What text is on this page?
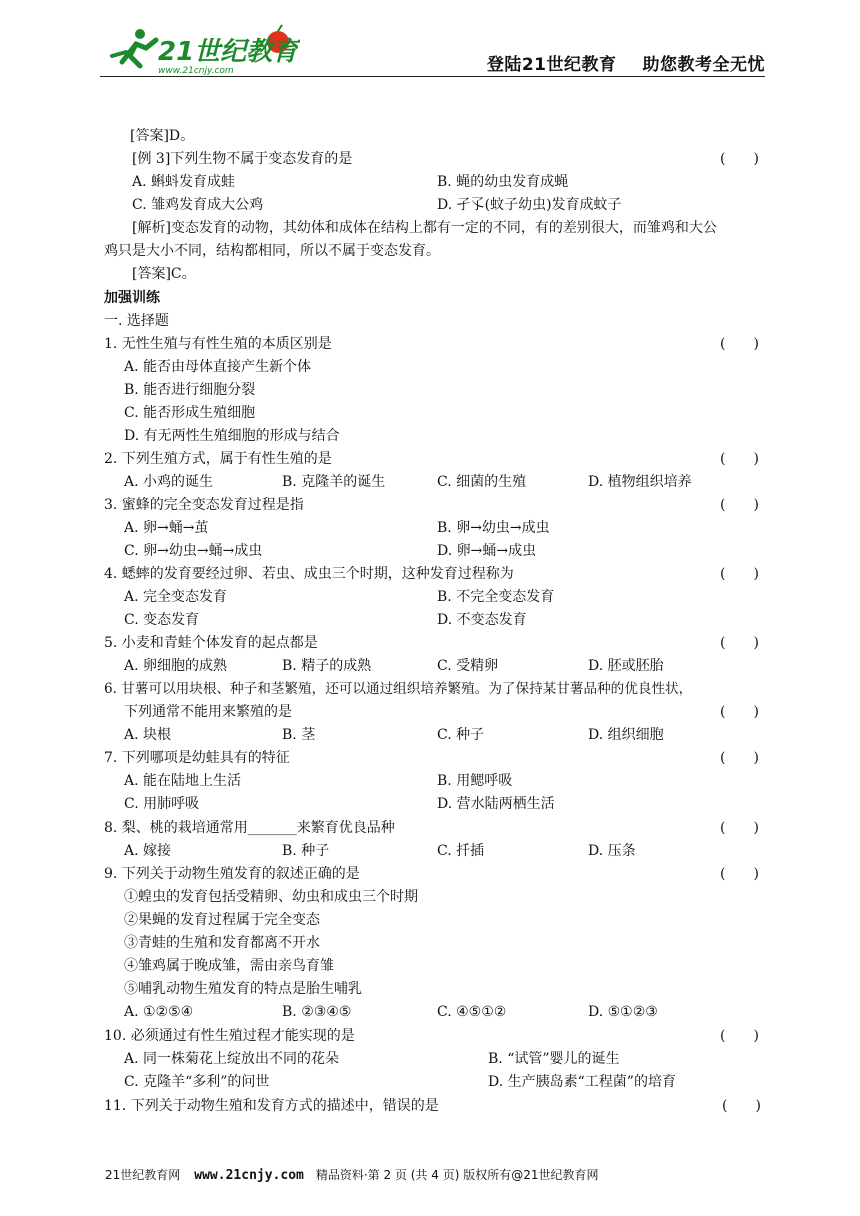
21世纪教育
www.21cnjy.com	登陆21世纪教育 助您教考全无忧
[答案]D。
[例 3]下列生物不属于变态发育的是	(　　)
A. 蝌蚪发育成蛙	B. 蝇的幼虫发育成蝇
C. 雏鸡发育成大公鸡	D. 孑孓(蚊子幼虫)发育成蚊子
[解析]变态发育的动物，其幼体和成体在结构上都有一定的不同，有的差别很大，而雏鸡和大公
鸡只是大小不同，结构都相同，所以不属于变态发育。
[答案]C。
加强训练
一. 选择题
1. 无性生殖与有性生殖的本质区别是	(　　)
A. 能否由母体直接产生新个体
B. 能否进行细胞分裂
C. 能否形成生殖细胞
D. 有无两性生殖细胞的形成与结合
2. 下列生殖方式，属于有性生殖的是	(　　)
A. 小鸡的诞生	B. 克隆羊的诞生	C. 细菌的生殖	D. 植物组织培养
3. 蜜蜂的完全变态发育过程是指	(　　)
A. 卵→蛹→茧	B. 卵→幼虫→成虫
C. 卵→幼虫→蛹→成虫	D. 卵→蛹→成虫
4. 蟋蟀的发育要经过卵、若虫、成虫三个时期，这种发育过程称为	(　　)
A. 完全变态发育	B. 不完全变态发育
C. 变态发育	D. 不变态发育
5. 小麦和青蛙个体发育的起点都是	(　　)
A. 卵细胞的成熟	B. 精子的成熟	C. 受精卵	D. 胚或胚胎
6. 甘薯可以用块根、种子和茎繁殖，还可以通过组织培养繁殖。为了保持某甘薯品种的优良性状，
下列通常不能用来繁殖的是	(　　)
A. 块根	B. 茎	C. 种子	D. 组织细胞
7. 下列哪项是幼蛙具有的特征	(　　)
A. 能在陆地上生活	B. 用鳃呼吸
C. 用肺呼吸	D. 营水陆两栖生活
8. 梨、桃的栽培通常用_______来繁育优良品种	(　　)
A. 嫁接	B. 种子	C. 扦插	D. 压条
9. 下列关于动物生殖发育的叙述正确的是	(　　)
①蝗虫的发育包括受精卵、幼虫和成虫三个时期
②果蝇的发育过程属于完全变态
③青蛙的生殖和发育都离不开水
④雏鸡属于晚成雏，需由亲鸟育雏
⑤哺乳动物生殖发育的特点是胎生哺乳
A. ①②⑤④	B. ②③④⑤	C. ④⑤①②	D. ⑤①②③
10. 必须通过有性生殖过程才能实现的是	(　　)
A. 同一株菊花上绽放出不同的花朵	B. “试管”婴儿的诞生
C. 克隆羊“多利”的问世	D. 生产胰岛素“工程菌”的培育
11. 下列关于动物生殖和发育方式的描述中，错误的是	(　　)
21世纪教育网 www.21cnjy.com 精品资料·第 2 页 (共 4 页) 版权所有@21世纪教育网
